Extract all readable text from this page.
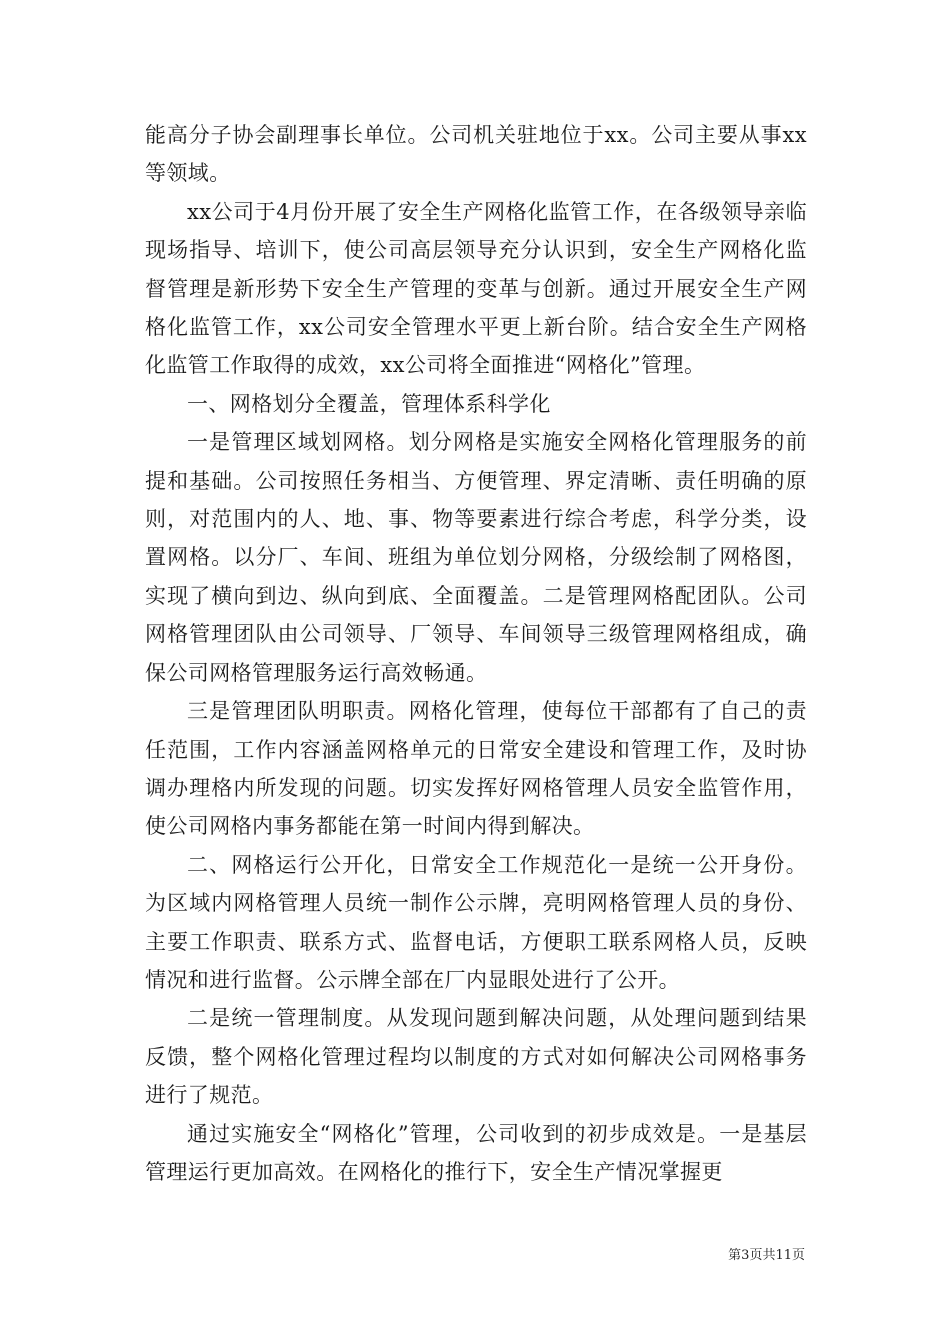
能高分子协会副理事长单位。公司机关驻地位于xx。公司主要从事xx等领域。

xx公司于4月份开展了安全生产网格化监管工作，在各级领导亲临现场指导、培训下，使公司高层领导充分认识到，安全生产网格化监督管理是新形势下安全生产管理的变革与创新。通过开展安全生产网格化监管工作，xx公司安全管理水平更上新台阶。结合安全生产网格化监管工作取得的成效，xx公司将全面推进“网格化”管理。

一、网格划分全覆盖，管理体系科学化

一是管理区域划网格。划分网格是实施安全网格化管理服务的前提和基础。公司按照任务相当、方便管理、界定清晰、责任明确的原则，对范围内的人、地、事、物等要素进行综合考虑，科学分类，设置网格。以分厂、车间、班组为单位划分网格，分级绘制了网格图，实现了横向到边、纵向到底、全面覆盖。二是管理网格配团队。公司网格管理团队由公司领导、厂领导、车间领导三级管理网格组成，确保公司网格管理服务运行高效畅通。

三是管理团队明职责。网格化管理，使每位干部都有了自己的责任范围，工作内容涵盖网格单元的日常安全建设和管理工作，及时协调办理格内所发现的问题。切实发挥好网格管理人员安全监管作用，使公司网格内事务都能在第一时间内得到解决。

二、网格运行公开化，日常安全工作规范化一是统一公开身份。为区域内网格管理人员统一制作公示牌，亮明网格管理人员的身份、主要工作职责、联系方式、监督电话，方便职工联系网格人员，反映情况和进行监督。公示牌全部在厂内显眼处进行了公开。

二是统一管理制度。从发现问题到解决问题，从处理问题到结果反馈，整个网格化管理过程均以制度的方式对如何解决公司网格事务进行了规范。

通过实施安全“网格化”管理，公司收到的初步成效是。一是基层管理运行更加高效。在网格化的推行下，安全生产情况掌握更

第3页共11页
